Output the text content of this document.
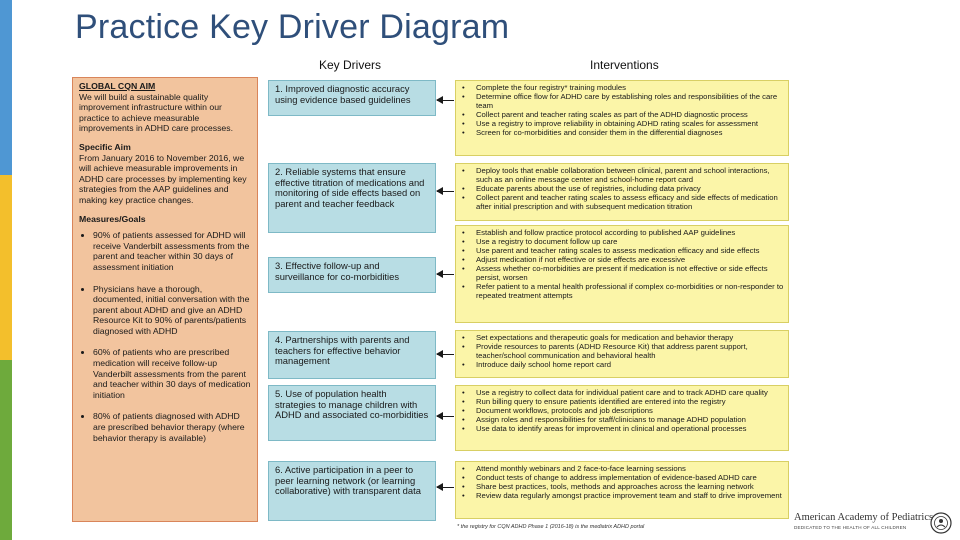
Practice Key Driver Diagram
Key Drivers	Interventions
GLOBAL CQN AIM

We will build a sustainable quality improvement infrastructure within our practice to achieve measurable improvements in ADHD care processes.

Specific Aim

From January 2016 to November 2016, we will achieve measurable improvements in ADHD care processes by implementing key strategies from the AAP guidelines and making key practice changes.

Measures/Goals
• 90% of patients assessed for ADHD will receive Vanderbilt assessments from the parent and teacher within 30 days of assessment initiation
• Physicians have a thorough, documented, initial conversation with the parent about ADHD and give an ADHD Resource Kit to 90% of parents/patients diagnosed with ADHD
• 60% of patients who are prescribed medication will receive follow-up Vanderbilt assessments from the parent and teacher within 30 days of medication initiation
• 80% of patients diagnosed with ADHD are prescribed behavior therapy (where behavior therapy is available)
1. Improved diagnostic accuracy using evidence based guidelines
2. Reliable systems that ensure effective titration of medications and monitoring of side effects based on parent and teacher feedback
3. Effective follow-up and surveillance for co-morbidities
4. Partnerships with parents and teachers for effective behavior management
5. Use of population health strategies to manage children with ADHD and associated co-morbidities
6. Active participation in a peer to peer learning network (or learning collaborative) with transparent data
• Complete the four registry* training modules
• Determine office flow for ADHD care by establishing roles and responsibilities of the care team
• Collect parent and teacher rating scales as part of the ADHD diagnostic process
• Use a registry to improve reliability in obtaining ADHD rating scales for assessment
• Screen for co-morbidities and consider them in the differential diagnoses
• Deploy tools that enable collaboration between clinical, parent and school interactions, such as an online message center and school-home report card
• Educate parents about the use of registries, including data privacy
• Collect parent and teacher rating scales to assess efficacy and side effects of medication after initial prescription and with subsequent medication titration
• Establish and follow practice protocol according to published AAP guidelines
• Use a registry to document follow up care
• Use parent and teacher rating scales to assess medication efficacy and side effects
• Adjust medication if not effective or side effects are excessive
• Assess whether co-morbidities are present if medication is not effective or side effects persist, worsen
• Refer patient to a mental health professional if complex co-morbidities or non-responder to repeated treatment attempts
• Set expectations and therapeutic goals for medication and behavior therapy
• Provide resources to parents (ADHD Resource Kit) that address parent support, teacher/school communication and behavioral health
• Introduce daily school home report card
• Use a registry to collect data for individual patient care and to track ADHD care quality
• Run billing query to ensure patients identified are entered into the registry
• Document workflows, protocols and job descriptions
• Assign roles and responsibilities for staff/clinicians to manage ADHD population
• Use data to identify areas for improvement in clinical and operational processes
• Attend monthly webinars and 2 face-to-face learning sessions
• Conduct tests of change to address implementation of evidence-based ADHD care
• Share best practices, tools, methods and approaches across the learning network
• Review data regularly amongst practice improvement team and staff to drive improvement
* the registry for CQN ADHD Phase 1 (2016-18) is the mediatrix ADHD portal
American Academy of Pediatrics
DEDICATED TO THE HEALTH OF ALL CHILDREN
